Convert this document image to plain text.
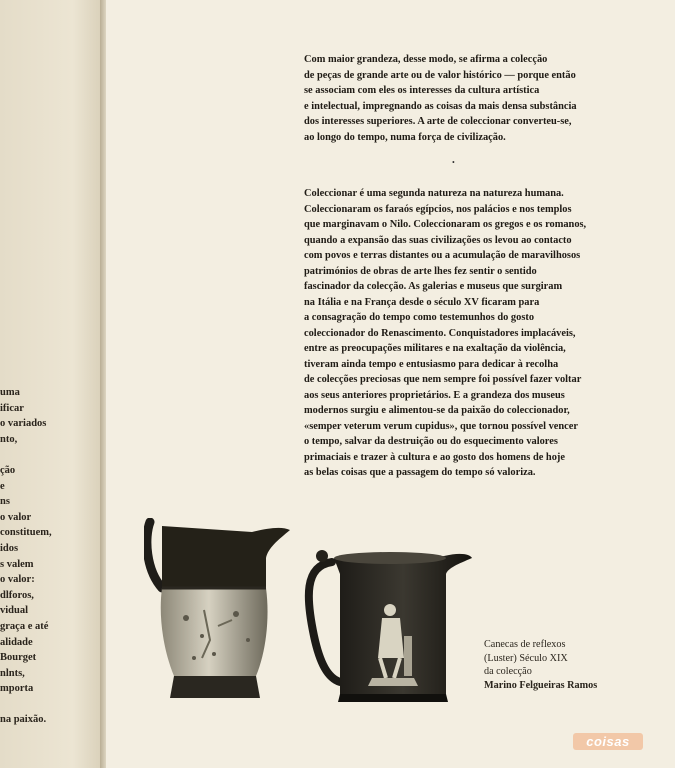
uma
ificar
o variados
nto,
ção
e
ns
o valor
constituem,
idos
s valem
o valor:
dlforos,
vidual
graça e até
alidade
Bourget
nlnts,
mporta
na paixão.
Com maior grandeza, desse modo, se afirma a colecção
de peças de grande arte ou de valor histórico — porque então
se associam com eles os interesses da cultura artística
e intelectual, impregnando as coisas da mais densa substância
dos interesses superiores. A arte de coleccionar converteu-se,
ao longo do tempo, numa força de civilização.
•
Coleccionar é uma segunda natureza na natureza humana.
Coleccionaram os faraós egípcios, nos palácios e nos templos
que marginavam o Nilo. Coleccionaram os gregos e os romanos,
quando a expansão das suas civilizações os levou ao contacto
com povos e terras distantes ou a acumulação de maravilhosos
patrimónios de obras de arte lhes fez sentir o sentido
fascinador da colecção. As galerias e museus que surgiram
na Itália e na França desde o século XV ficaram para
a consagração do tempo como testemunhos do gosto
coleccionador do Renascimento. Conquistadores implacáveis,
entre as preocupações militares e na exaltação da violência,
tiveram ainda tempo e entusiasmo para dedicar à recolha
de colecções preciosas que nem sempre foi possível fazer voltar
aos seus anteriores proprietários. E a grandeza dos museus
modernos surgiu e alimentou-se da paixão do coleccionador,
«semper veterum verum cupidus», que tornou possível vencer
o tempo, salvar da destruição ou do esquecimento valores
primaciais e trazer à cultura e ao gosto dos homens de hoje
as belas coisas que a passagem do tempo só valoriza.
Canecas de reflexos
(Luster) Século XIX
da colecção
Marino Felgueiras Ramos
coisas
